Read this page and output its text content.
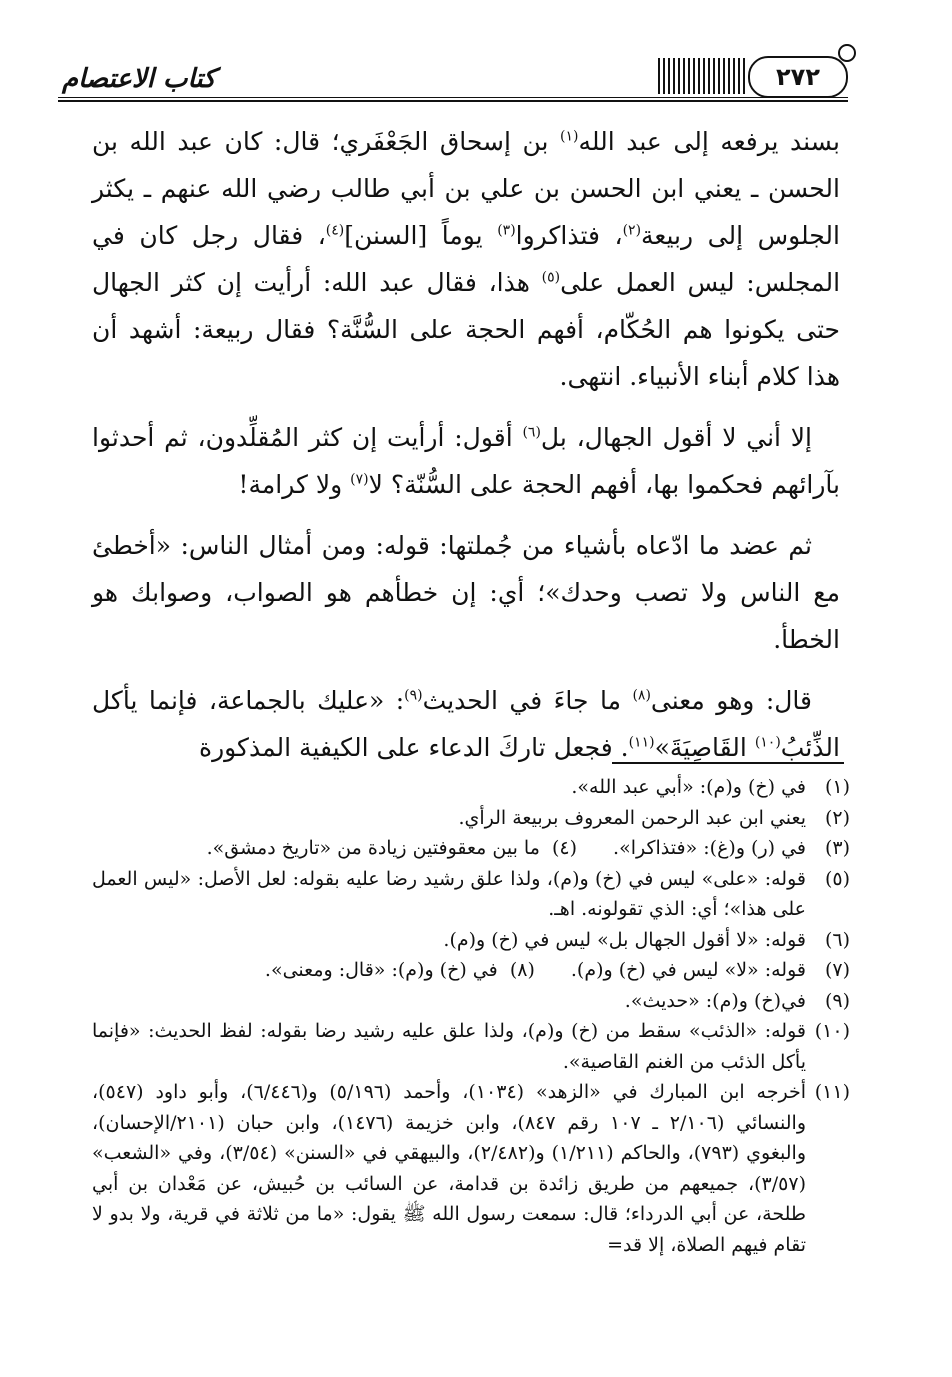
كتاب الاعتصام	٢٧٢

بسند يرفعه إلى عبد الله$^{(١)}$ بن إسحاق الجَعْفَري؛ قال: كان عبد الله بن الحسن ـ يعني ابن الحسن بن علي بن أبي طالب رضي الله عنهم ـ يكثر الجلوس إلى ربيعة$^{(٢)}$، فتذاكروا$^{(٣)}$ يوماً [السنن]$^{(٤)}$، فقال رجل كان في المجلس: ليس العمل على$^{(٥)}$ هذا، فقال عبد الله: أرأيت إن كثر الجهال حتى يكونوا هم الحُكّام، أفهم الحجة على السُّنَّة؟ فقال ربيعة: أشهد أن هذا كلام أبناء الأنبياء. انتهى.

إلا أني لا أقول الجهال، بل$^{(٦)}$ أقول: أرأيت إن كثر المُقلِّدون، ثم أحدثوا بآرائهم فحكموا بها، أفهم الحجة على السُّنّة؟ لا$^{(٧)}$ ولا كرامة!

ثم عضد ما ادّعاه بأشياء من جُملتها: قوله: ومن أمثال الناس: «أخطئ مع الناس ولا تصب وحدك»؛ أي: إن خطأهم هو الصواب، وصوابك هو الخطأ.

قال: وهو معنى$^{(٨)}$ ما جاءَ في الحديث$^{(٩)}$: «عليك بالجماعة، فإنما يأكل الذِّئبُ$^{(١٠)}$ القَاصِيَةَ»$^{(١١)}$. فجعل تاركَ الدعاء على الكيفية المذكورة

(١)
في (خ) و(م): «أبي عبد الله».
(٢)
يعني ابن عبد الرحمن المعروف بربيعة الرأي.
(٣)
في (ر) و(غ): «فتذاكرا».(٤)  ما بين معقوفتين زيادة من «تاريخ دمشق».
(٥)
قوله: «على» ليس في (خ) و(م)، ولذا علق رشيد رضا عليه بقوله: لعل الأصل: «ليس العمل على هذا»؛ أي: الذي تقولونه. اهـ.
(٦)
قوله: «لا أقول الجهال بل» ليس في (خ) و(م).
(٧)
قوله: «لا» ليس في (خ) و(م).(٨)  في (خ) و(م): «قال: ومعنى».
(٩)
في(خ) و(م): «حديث».
(١٠)
قوله: «الذئب» سقط من (خ) و(م)، ولذا علق عليه رشيد رضا بقوله: لفظ الحديث: «فإنما يأكل الذئب من الغنم القاصية».
(١١)
أخرجه ابن المبارك في «الزهد» (١٠٣٤)، وأحمد (٥/١٩٦) و(٦/٤٤٦)، وأبو داود (٥٤٧)، والنسائي (٢/١٠٦ ـ ١٠٧ رقم ٨٤٧)، وابن خزيمة (١٤٧٦)، وابن حبان (٢١٠١/الإحسان)، والبغوي (٧٩٣)، والحاكم (١/٢١١) و(٢/٤٨٢)، والبيهقي في «السنن» (٣/٥٤)، وفي «الشعب» (٣/٥٧)، جميعهم من طريق زائدة بن قدامة، عن السائب بن حُبيش، عن مَعْدان بن أبي طلحة، عن أبي الدرداء؛ قال: سمعت رسول الله ﷺ يقول: «ما من ثلاثة في قرية، ولا بدو لا تقام فيهم الصلاة، إلا قد=
